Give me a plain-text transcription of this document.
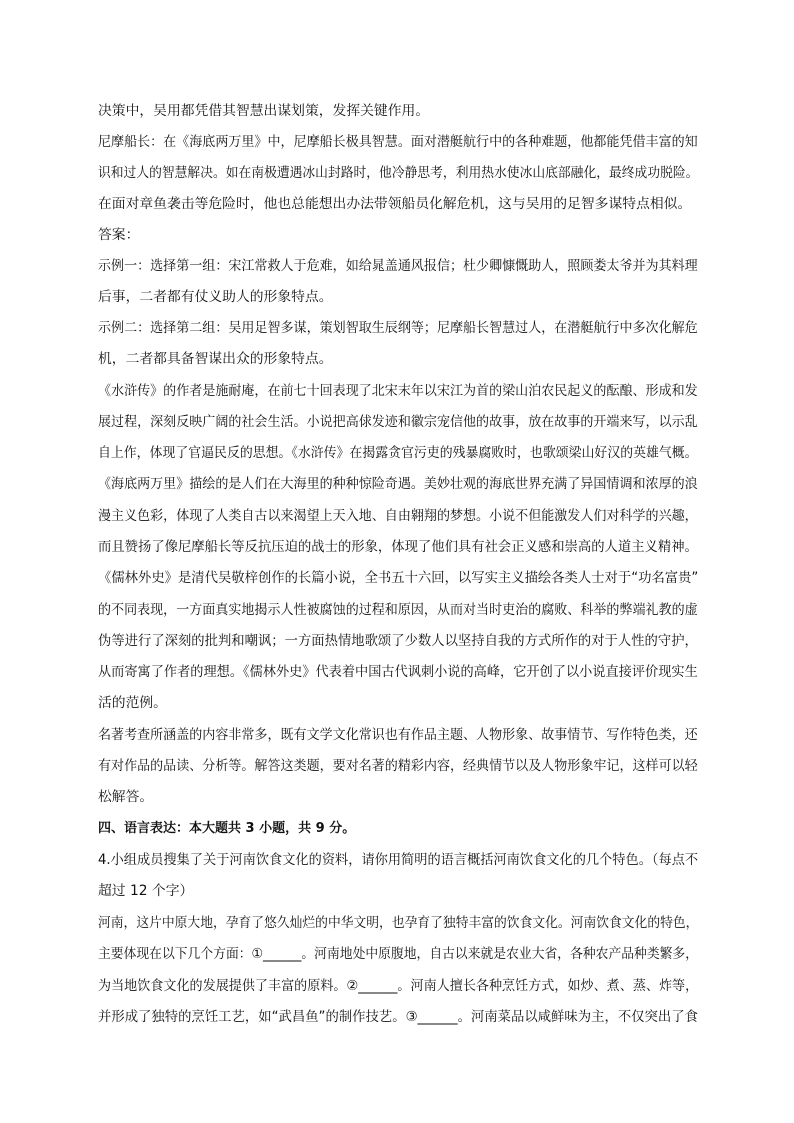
决策中，吴用都凭借其智慧出谋划策，发挥关键作用。
尼摩船长：在《海底两万里》中，尼摩船长极具智慧。面对潜艇航行中的各种难题，他都能凭借丰富的知
识和过人的智慧解决。如在南极遭遇冰山封路时，他冷静思考，利用热水使冰山底部融化，最终成功脱险。
在面对章鱼袭击等危险时，他也总能想出办法带领船员化解危机，这与吴用的足智多谋特点相似。
答案：
示例一：选择第一组：宋江常救人于危难，如给晁盖通风报信；杜少卿慷慨助人，照顾娄太爷并为其料理
后事，二者都有仗义助人的形象特点。
示例二：选择第二组：吴用足智多谋，策划智取生辰纲等；尼摩船长智慧过人，在潜艇航行中多次化解危
机，二者都具备智谋出众的形象特点。
《水浒传》的作者是施耐庵，在前七十回表现了北宋末年以宋江为首的梁山泊农民起义的酝酿、形成和发
展过程，深刻反映广阔的社会生活。小说把高俅发迹和徽宗宠信他的故事，放在故事的开端来写，以示乱
自上作，体现了官逼民反的思想。《水浒传》在揭露贪官污吏的残暴腐败时，也歌颂梁山好汉的英雄气概。
《海底两万里》描绘的是人们在大海里的种种惊险奇遇。美妙壮观的海底世界充满了异国情调和浓厚的浪
漫主义色彩，体现了人类自古以来渴望上天入地、自由翱翔的梦想。小说不但能激发人们对科学的兴趣，
而且赞扬了像尼摩船长等反抗压迫的战士的形象，体现了他们具有社会正义感和崇高的人道主义精神。
《儒林外史》是清代吴敬梓创作的长篇小说，全书五十六回，以写实主义描绘各类人士对于“功名富贵”
的不同表现，一方面真实地揭示人性被腐蚀的过程和原因，从而对当时吏治的腐败、科举的弊端礼教的虚
伪等进行了深刻的批判和嘲讽；一方面热情地歌颂了少数人以坚持自我的方式所作的对于人性的守护，
从而寄寓了作者的理想。《儒林外史》代表着中国古代讽刺小说的高峰，它开创了以小说直接评价现实生
活的范例。
名著考查所涵盖的内容非常多，既有文学文化常识也有作品主题、人物形象、故事情节、写作特色类，还
有对作品的品读、分析等。解答这类题，要对名著的精彩内容，经典情节以及人物形象牢记，这样可以轻
松解答。
四、语言表达：本大题共 3 小题，共 9 分。
4.小组成员搜集了关于河南饮食文化的资料，请你用简明的语言概括河南饮食文化的几个特色。（每点不
超过 12 个字）
河南，这片中原大地，孕育了悠久灿烂的中华文明，也孕育了独特丰富的饮食文化。河南饮食文化的特色，
主要体现在以下几个方面：①______。河南地处中原腹地，自古以来就是农业大省，各种农产品种类繁多，
为当地饮食文化的发展提供了丰富的原料。②______。河南人擅长各种烹饪方式，如炒、煮、蒸、炸等，
并形成了独特的烹饪工艺，如“武昌鱼”的制作技艺。③______。河南菜品以咸鲜味为主，不仅突出了食
